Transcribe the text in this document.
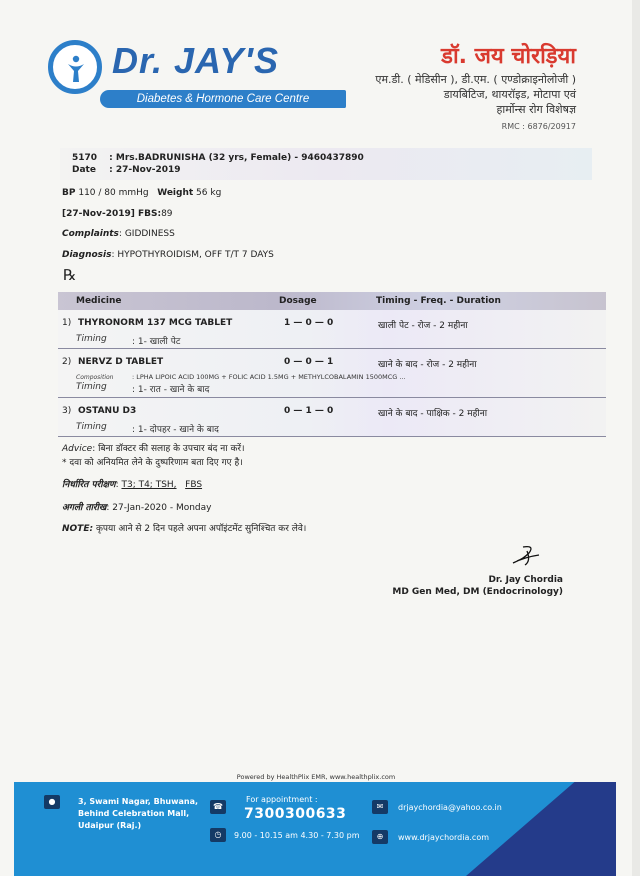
Dr. JAY'S
Diabetes & Hormone Care Centre
डॉ. जय चोरड़िया
एम.डी. ( मेडिसीन ), डी.एम. ( एण्डोक्राइनोलोजी )
डायबिटिज, थायरॉइड, मोटापा एवं
हार्मोन्स रोग विशेषज्ञ
RMC : 6876/20917
5170 : Mrs.BADRUNISHA (32 yrs, Female) - 9460437890
Date : 27-Nov-2019
BP 110 / 80 mmHg Weight 56 kg
[27-Nov-2019] FBS:89
Complaints: GIDDINESS
Diagnosis: HYPOTHYROIDISM, OFF T/T 7 DAYS
℞
Medicine	Dosage	Timing - Freq. - Duration
1) THYRONORM 137 MCG TABLET	1 — 0 — 0	खाली पेट - रोज - 2 महीना
Timing	: 1- खाली पेट
2) NERVZ D TABLET	0 — 0 — 1	खाने के बाद - रोज - 2 महीना
Composition	: LPHA LIPOIC ACID 100MG + FOLIC ACID 1.5MG + METHYLCOBALAMIN 1500MCG ...
Timing	: 1- रात - खाने के बाद
3) OSTANU D3	0 — 1 — 0	खाने के बाद - पाक्षिक - 2 महीना
Timing	: 1- दोपहर - खाने के बाद
Advice: बिना डॉक्टर की सलाह के उपचार बंद ना करें।
* दवा को अनियमित लेने के दुष्परिणाम बता दिए गए है।
निर्धारित परीक्षण: T3; T4; TSH, FBS
अगली तारीख: 27-Jan-2020 - Monday
NOTE: कृपया आने से 2 दिन पहले अपना अपॉइंटमेंट सुनिश्चित कर लेवे।
Dr. Jay Chordia
MD Gen Med, DM (Endocrinology)
Powered by HealthPlix EMR, www.healthplix.com
●	3, Swami Nagar, Bhuwana,
Behind Celebration Mall,
Udaipur (Raj.)
☎
For appointment :
7300300633
◷	9.00 - 10.15 am 4.30 - 7.30 pm
✉	drjaychordia@yahoo.co.in
⊕	www.drjaychordia.com
